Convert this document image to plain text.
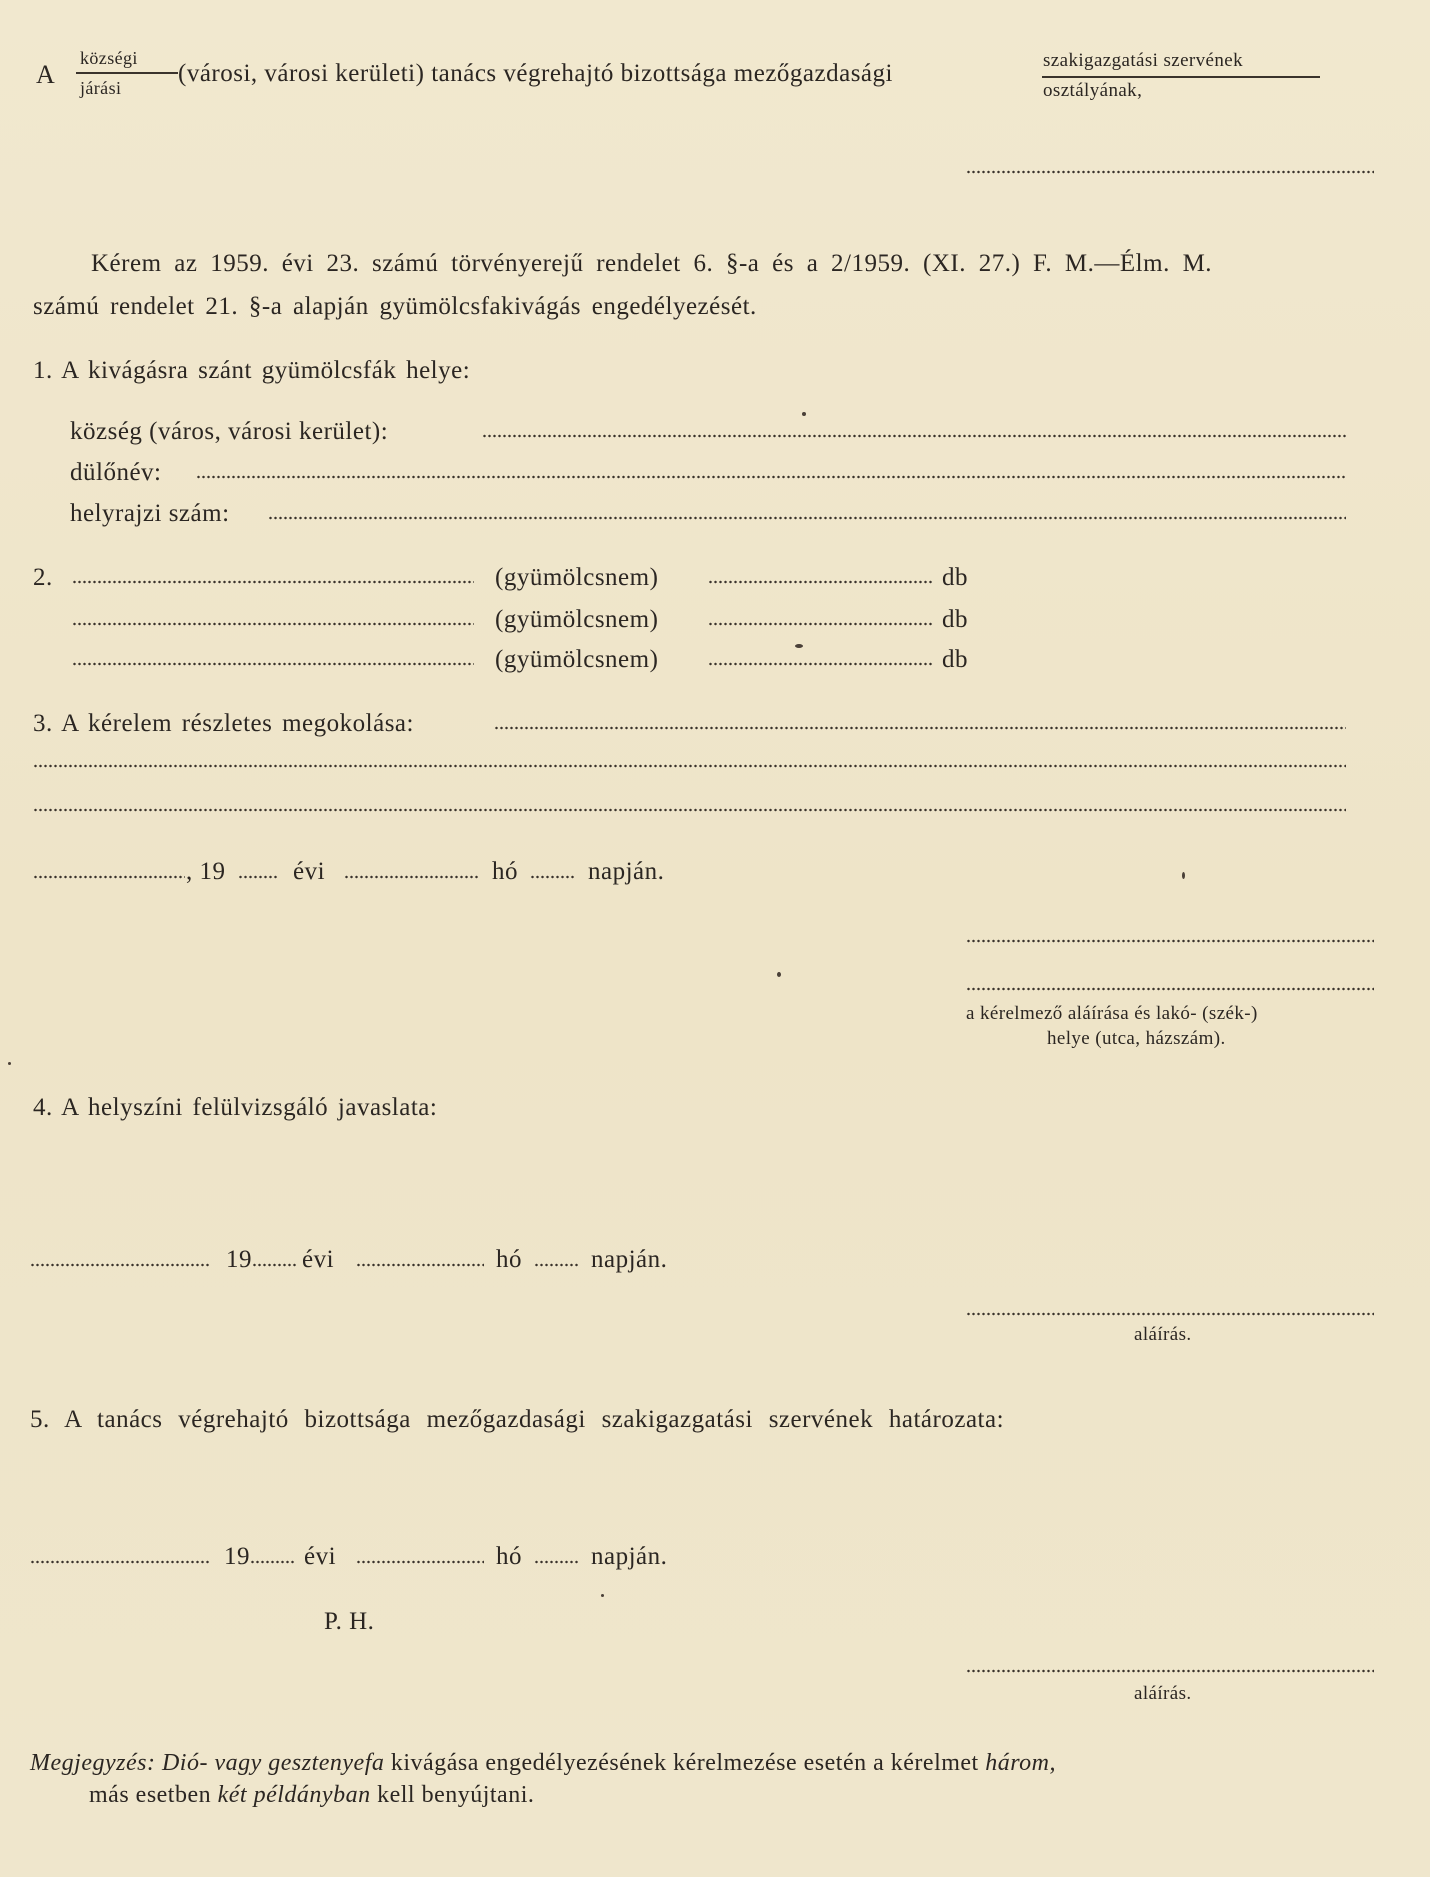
A
községi
járási
(városi, városi kerületi) tanács végrehajtó bizottsága mezőgazdasági	szakigazgatási szervének
osztályának,
Kérem az 1959. évi 23. számú törvényerejű rendelet 6. §-a és a 2/1959. (XI. 27.) F. M.—Élm. M.
számú rendelet 21. §-a alapján gyümölcsfakivágás engedélyezését.
1. A kivágásra szánt gyümölcsfák helye:
község (város, városi kerület):
dülőnév:
helyrajzi szám:
2.	(gyümölcsnem)	db
(gyümölcsnem)	db
(gyümölcsnem)	db
3. A kérelem részletes megokolása:
, 19	évi	hó	napján.
a kérelmező aláírása és lakó- (szék-)
helye (utca, házszám).
4. A helyszíni felülvizsgáló javaslata:
19 évi	hó	napján.
aláírás.
5. A tanács végrehajtó bizottsága mezőgazdasági szakigazgatási szervének határozata:
19 évi	hó	napján.
P. H.
aláírás.
Megjegyzés: Dió- vagy gesztenyefa kivágása engedélyezésének kérelmezése esetén a kérelmet három,
más esetben két példányban kell benyújtani.
